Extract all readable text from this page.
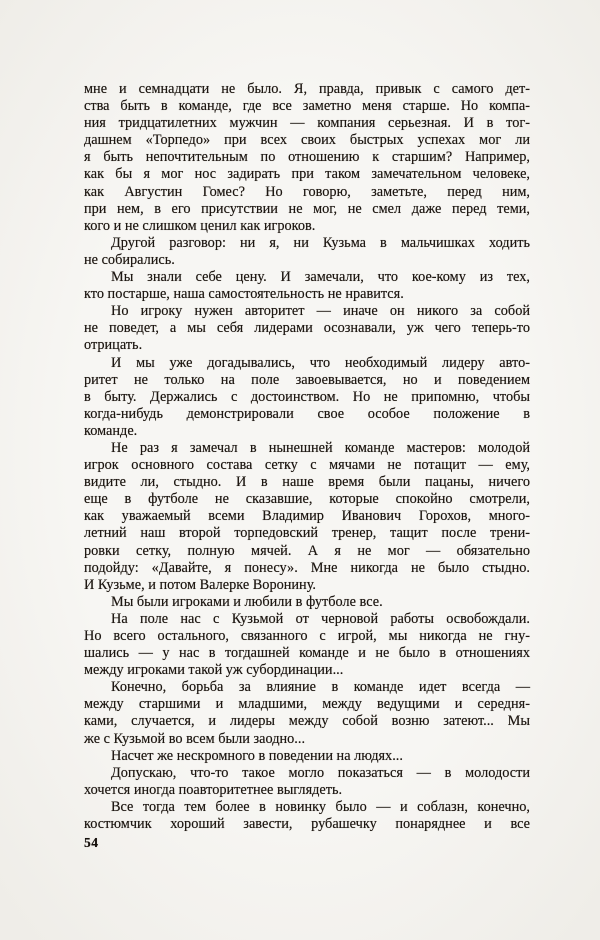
мне и семнадцати не было. Я, правда, привык с самого дет-
ства быть в команде, где все заметно меня старше. Но компа-
ния тридцатилетних мужчин — компания серьезная. И в тог-
дашнем «Торпедо» при всех своих быстрых успехах мог ли
я быть непочтительным по отношению к старшим? Например,
как бы я мог нос задирать при таком замечательном человеке,
как Августин Гомес? Но говорю, заметьте, перед ним,
при нем, в его присутствии не мог, не смел даже перед теми,
кого и не слишком ценил как игроков.

Другой разговор: ни я, ни Кузьма в мальчишках ходить
не собирались.

Мы знали себе цену. И замечали, что кое-кому из тех,
кто постарше, наша самостоятельность не нравится.

Но игроку нужен авторитет — иначе он никого за собой
не поведет, а мы себя лидерами осознавали, уж чего теперь-то
отрицать.

И мы уже догадывались, что необходимый лидеру авто-
ритет не только на поле завоевывается, но и поведением
в быту. Держались с достоинством. Но не припомню, чтобы
когда-нибудь демонстрировали свое особое положение в
команде.

Не раз я замечал в нынешней команде мастеров: молодой
игрок основного состава сетку с мячами не потащит — ему,
видите ли, стыдно. И в наше время были пацаны, ничего
еще в футболе не сказавшие, которые спокойно смотрели,
как уважаемый всеми Владимир Иванович Горохов, много-
летний наш второй торпедовский тренер, тащит после трени-
ровки сетку, полную мячей. А я не мог — обязательно
подойду: «Давайте, я понесу». Мне никогда не было стыдно.
И Кузьме, и потом Валерке Воронину.

Мы были игроками и любили в футболе все.

На поле нас с Кузьмой от черновой работы освобождали.
Но всего остального, связанного с игрой, мы никогда не гну-
шались — у нас в тогдашней команде и не было в отношениях
между игроками такой уж субординации...

Конечно, борьба за влияние в команде идет всегда —
между старшими и младшими, между ведущими и середня-
ками, случается, и лидеры между собой возню затеют... Мы
же с Кузьмой во всем были заодно...

Насчет же нескромного в поведении на людях...

Допускаю, что-то такое могло показаться — в молодости
хочется иногда поавторитетнее выглядеть.

Все тогда тем более в новинку было — и соблазн, конечно,
костюмчик хороший завести, рубашечку понаряднее и все

54
